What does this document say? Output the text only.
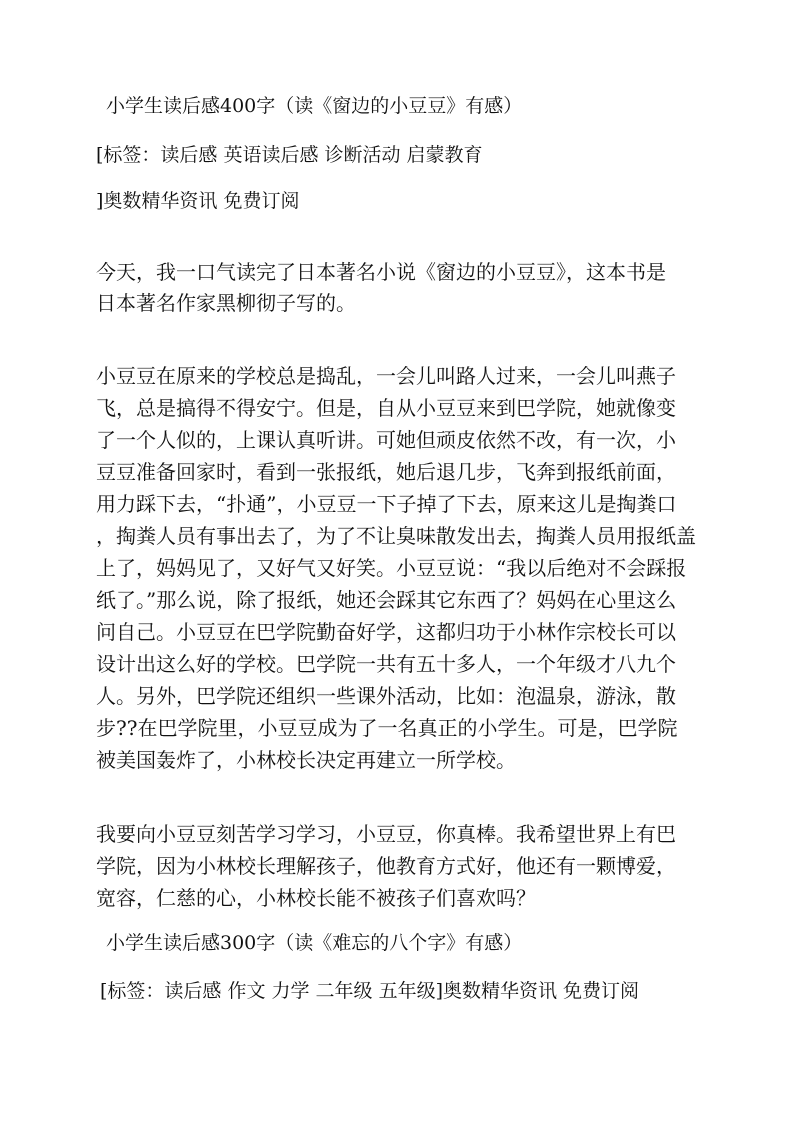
小学生读后感400字（读《窗边的小豆豆》有感）
[标签：读后感 英语读后感 诊断活动 启蒙教育
]奥数精华资讯 免费订阅
今天，我一口气读完了日本著名小说《窗边的小豆豆》，这本书是
日本著名作家黑柳彻子写的。
小豆豆在原来的学校总是捣乱，一会儿叫路人过来，一会儿叫燕子
飞，总是搞得不得安宁。但是，自从小豆豆来到巴学院，她就像变
了一个人似的，上课认真听讲。可她但顽皮依然不改，有一次，小
豆豆准备回家时，看到一张报纸，她后退几步，飞奔到报纸前面，
用力踩下去，“扑通”，小豆豆一下子掉了下去，原来这儿是掏粪口
，掏粪人员有事出去了，为了不让臭味散发出去，掏粪人员用报纸盖
上了，妈妈见了，又好气又好笑。小豆豆说：“我以后绝对不会踩报
纸了。”那么说，除了报纸，她还会踩其它东西了？妈妈在心里这么
问自己。小豆豆在巴学院勤奋好学，这都归功于小林作宗校长可以
设计出这么好的学校。巴学院一共有五十多人，一个年级才八九个
人。另外，巴学院还组织一些课外活动，比如：泡温泉，游泳，散
步??在巴学院里，小豆豆成为了一名真正的小学生。可是，巴学院
被美国轰炸了，小林校长决定再建立一所学校。
我要向小豆豆刻苦学习学习，小豆豆，你真棒。我希望世界上有巴
学院，因为小林校长理解孩子，他教育方式好，他还有一颗博爱，
宽容，仁慈的心，小林校长能不被孩子们喜欢吗？
小学生读后感300字（读《难忘的八个字》有感）
[标签：读后感 作文 力学 二年级 五年级]奥数精华资讯 免费订阅
